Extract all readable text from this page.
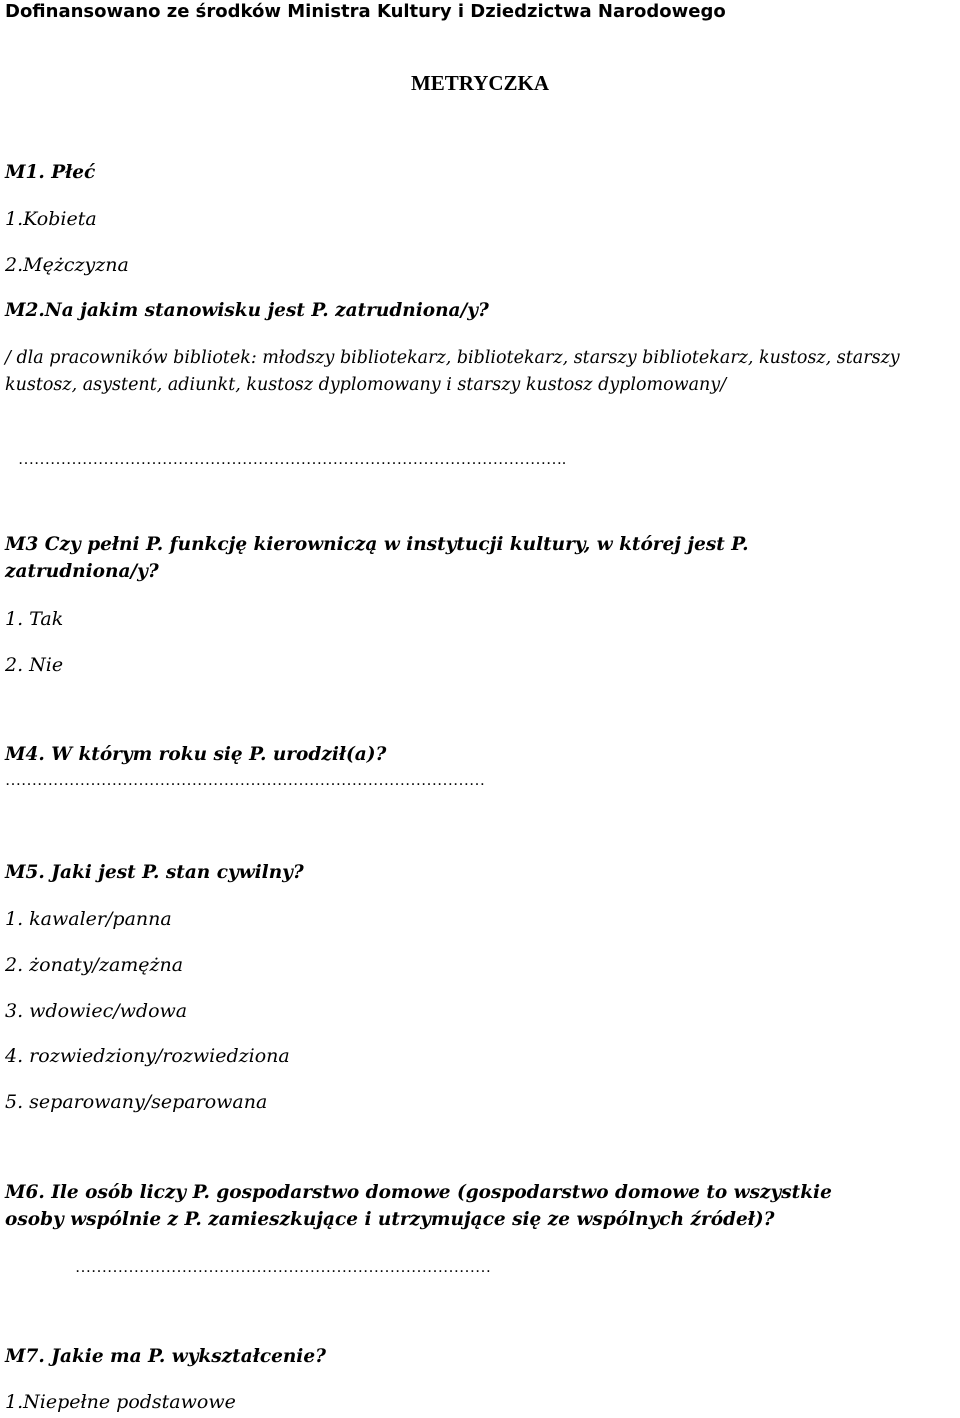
Dofinansowano ze środków Ministra Kultury i Dziedzictwa Narodowego
METRYCZKA
M1. Płeć
1.Kobieta
2.Mężczyzna
M2.Na jakim stanowisku jest P. zatrudniona/y?
/ dla pracowników bibliotek: młodszy bibliotekarz, bibliotekarz, starszy bibliotekarz, kustosz, starszy kustosz, asystent, adiunkt, kustosz dyplomowany i starszy kustosz dyplomowany/
………………………………………………………………………………………….
M3 Czy pełni P. funkcję kierowniczą w instytucji kultury, w której jest P.
zatrudniona/y?
1. Tak
2. Nie
M4. W którym roku się P. urodził(a)?
………………………………………………………………………………
M5. Jaki jest P. stan cywilny?
1. kawaler/panna
2. żonaty/zamężna
3. wdowiec/wdowa
4. rozwiedziony/rozwiedziona
5. separowany/separowana
M6. Ile osób liczy P. gospodarstwo domowe (gospodarstwo domowe to wszystkie
osoby wspólnie z P. zamieszkujące i utrzymujące się ze wspólnych źródeł)?
……………………………………………………………………
M7. Jakie ma P. wykształcenie?
1.Niepełne podstawowe
